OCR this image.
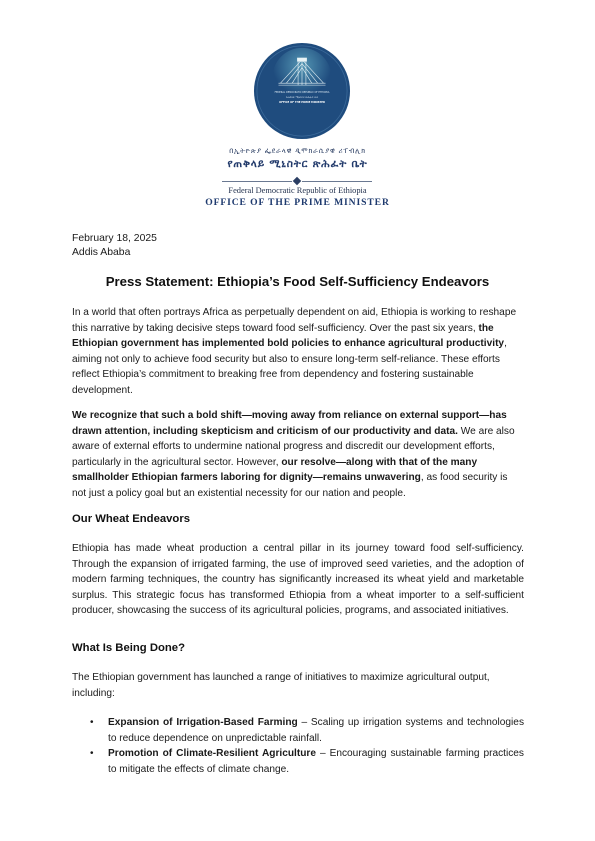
FEDERAL DEMOCRATIC REPUBLIC OF ETHIOPIA
የጠቅላይ ሚኒስትር ጽሕፈት ቤት
OFFICE OF THE PRIME MINISTER
በኢትዮጵያ ፌደራላዊ ዲሞክራሲያዊ ሪፐብሊክ
የጠቅላይ ሚኒስትር ጽሕፈት ቤት
Federal Democratic Republic of Ethiopia
OFFICE OF THE PRIME MINISTER
February 18, 2025
Addis Ababa
Press Statement: Ethiopia’s Food Self-Sufficiency Endeavors

In a world that often portrays Africa as perpetually dependent on aid, Ethiopia is working to reshape this narrative by taking decisive steps toward food self-sufficiency. Over the past six years, the Ethiopian government has implemented bold policies to enhance agricultural productivity, aiming not only to achieve food security but also to ensure long-term self-reliance. These efforts reflect Ethiopia’s commitment to breaking free from dependency and fostering sustainable development.

We recognize that such a bold shift—moving away from reliance on external support—has drawn attention, including skepticism and criticism of our productivity and data. We are also aware of external efforts to undermine national progress and discredit our development efforts, particularly in the agricultural sector. However, our resolve—along with that of the many smallholder Ethiopian farmers laboring for dignity—remains unwavering, as food security is not just a policy goal but an existential necessity for our nation and people.

Our Wheat Endeavors

Ethiopia has made wheat production a central pillar in its journey toward food self-sufficiency. Through the expansion of irrigated farming, the use of improved seed varieties, and the adoption of modern farming techniques, the country has significantly increased its wheat yield and marketable surplus. This strategic focus has transformed Ethiopia from a wheat importer to a self-sufficient producer, showcasing the success of its agricultural policies, programs, and associated initiatives.

What Is Being Done?

The Ethiopian government has launched a range of initiatives to maximize agricultural output, including:

• Expansion of Irrigation-Based Farming – Scaling up irrigation systems and technologies to reduce dependence on unpredictable rainfall.
• Promotion of Climate-Resilient Agriculture – Encouraging sustainable farming practices to mitigate the effects of climate change.
